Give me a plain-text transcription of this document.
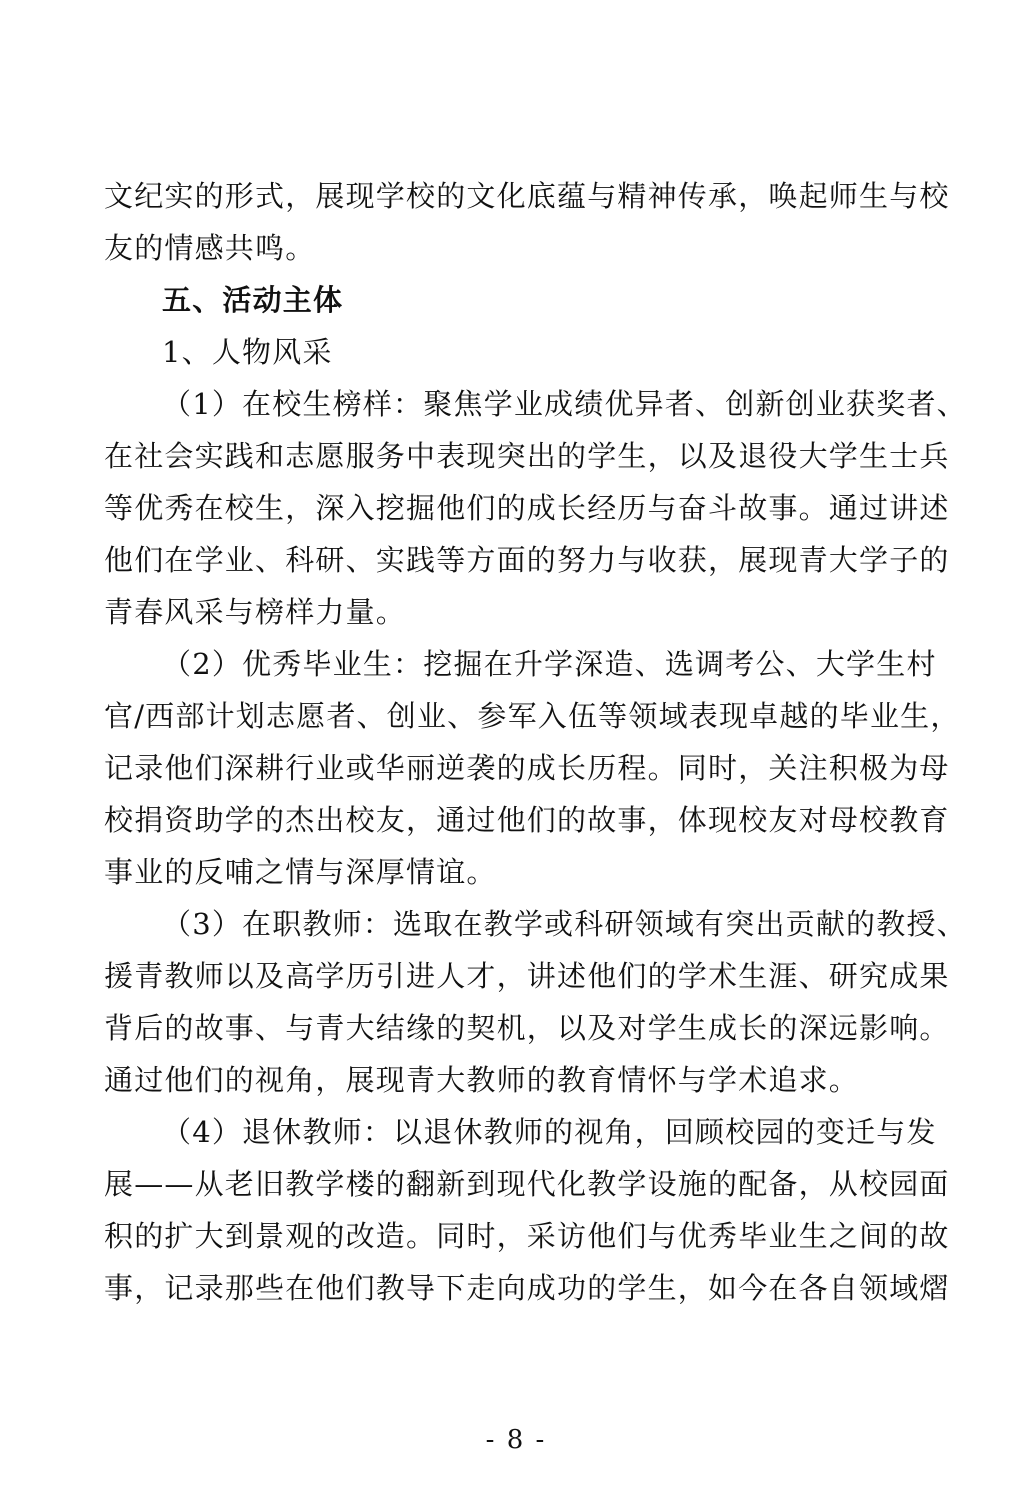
文纪实的形式，展现学校的文化底蕴与精神传承，唤起师生与校
友的情感共鸣。
五、活动主体
1、人物风采
（1）在校生榜样：聚焦学业成绩优异者、创新创业获奖者、
在社会实践和志愿服务中表现突出的学生，以及退役大学生士兵
等优秀在校生，深入挖掘他们的成长经历与奋斗故事。通过讲述
他们在学业、科研、实践等方面的努力与收获，展现青大学子的
青春风采与榜样力量。
（2）优秀毕业生：挖掘在升学深造、选调考公、大学生村
官/西部计划志愿者、创业、参军入伍等领域表现卓越的毕业生，
记录他们深耕行业或华丽逆袭的成长历程。同时，关注积极为母
校捐资助学的杰出校友，通过他们的故事，体现校友对母校教育
事业的反哺之情与深厚情谊。
（3）在职教师：选取在教学或科研领域有突出贡献的教授、
援青教师以及高学历引进人才，讲述他们的学术生涯、研究成果
背后的故事、与青大结缘的契机，以及对学生成长的深远影响。
通过他们的视角，展现青大教师的教育情怀与学术追求。
（4）退休教师：以退休教师的视角，回顾校园的变迁与发
展——从老旧教学楼的翻新到现代化教学设施的配备，从校园面
积的扩大到景观的改造。同时，采访他们与优秀毕业生之间的故
事，记录那些在他们教导下走向成功的学生，如今在各自领域熠
- 8 -
